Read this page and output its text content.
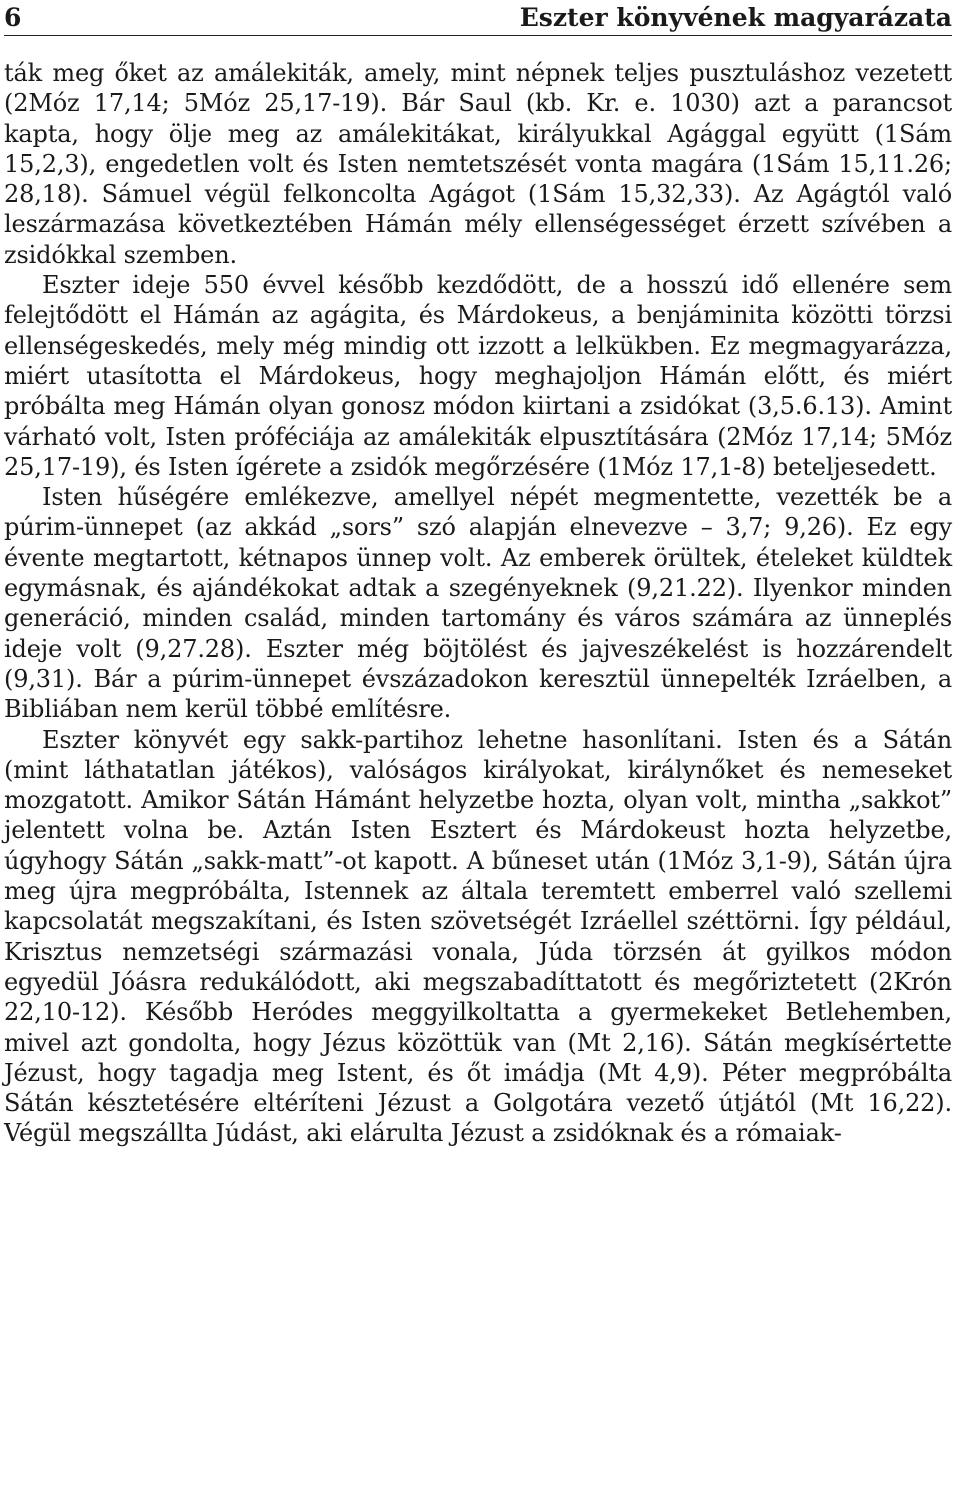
6	Eszter könyvének magyarázata

ták meg őket az amálekiták, amely, mint népnek teljes pusztuláshoz vezetett (2Móz 17,14; 5Móz 25,17-19). Bár Saul (kb. Kr. e. 1030) azt a parancsot kapta, hogy ölje meg az amálekitákat, királyukkal Agággal együtt (1Sám 15,2,3), engedetlen volt és Isten nemtetszését vonta magára (1Sám 15,11.26; 28,18). Sámuel végül felkoncolta Agágot (1Sám 15,32,33). Az Agágtól való leszármazása következtében Hámán mély ellenségességet érzett szívében a zsidókkal szemben.

Eszter ideje 550 évvel később kezdődött, de a hosszú idő ellenére sem felejtődött el Hámán az agágita, és Márdokeus, a benjáminita közötti törzsi ellenségeskedés, mely még mindig ott izzott a lelkükben. Ez megmagyarázza, miért utasította el Márdokeus, hogy meghajoljon Hámán előtt, és miért próbálta meg Hámán olyan gonosz módon kiirtani a zsidókat (3,5.6.13). Amint várható volt, Isten próféciája az amálekiták elpusztítására (2Móz 17,14; 5Móz 25,17-19), és Isten ígérete a zsidók megőrzésére (1Móz 17,1-8) beteljesedett.

Isten hűségére emlékezve, amellyel népét megmentette, vezették be a púrim-ünnepet (az akkád „sors” szó alapján elnevezve – 3,7; 9,26). Ez egy évente megtartott, kétnapos ünnep volt. Az emberek örültek, ételeket küldtek egymásnak, és ajándékokat adtak a szegényeknek (9,21.22). Ilyenkor minden generáció, minden család, minden tartomány és város számára az ünneplés ideje volt (9,27.28). Eszter még böjtölést és jajveszékelést is hozzárendelt (9,31). Bár a púrim-ünnepet évszázadokon keresztül ünnepelték Izráelben, a Bibliában nem kerül többé említésre.

Eszter könyvét egy sakk-partihoz lehetne hasonlítani. Isten és a Sátán (mint láthatatlan játékos), valóságos királyokat, királynőket és nemeseket mozgatott. Amikor Sátán Hámánt helyzetbe hozta, olyan volt, mintha „sakkot” jelentett volna be. Aztán Isten Esztert és Márdokeust hozta helyzetbe, úgyhogy Sátán „sakk-matt”-ot kapott. A bűneset után (1Móz 3,1-9), Sátán újra meg újra megpróbálta, Istennek az általa teremtett emberrel való szellemi kapcsolatát megszakítani, és Isten szövetségét Izráellel széttörni. Így például, Krisztus nemzetségi származási vonala, Júda törzsén át gyilkos módon egyedül Jóásra redukálódott, aki megszabadíttatott és megőriztetett (2Krón 22,10-12). Később Heródes meggyilkoltatta a gyermekeket Betlehemben, mivel azt gondolta, hogy Jézus közöttük van (Mt 2,16). Sátán megkísértette Jézust, hogy tagadja meg Istent, és őt imádja (Mt 4,9). Péter megpróbálta Sátán késztetésére eltéríteni Jézust a Golgotára vezető útjától (Mt 16,22). Végül megszállta Júdást, aki elárulta Jézust a zsidóknak és a rómaiak-
